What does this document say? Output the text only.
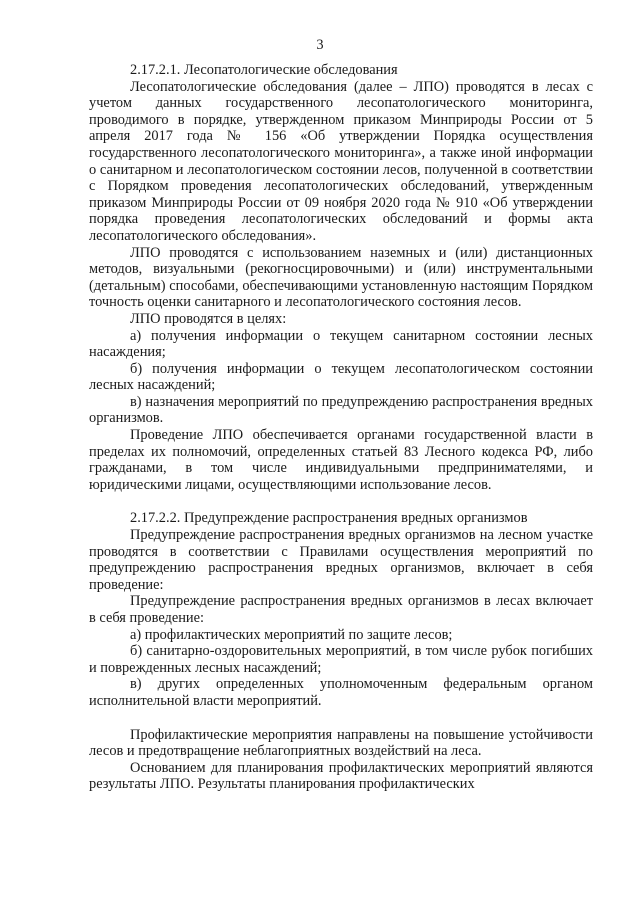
3

2.17.2.1. Лесопатологические обследования

Лесопатологические обследования (далее – ЛПО) проводятся в лесах с учетом данных государственного лесопатологического мониторинга, проводимого в порядке, утвержденном приказом Минприроды России от 5 апреля 2017 года № 156 «Об утверждении Порядка осуществления государственного лесопатологического мониторинга», а также иной информации о санитарном и лесопатологическом состоянии лесов, полученной в соответствии с Порядком проведения лесопатологических обследований, утвержденным приказом Минприроды России от 09 ноября 2020 года № 910 «Об утверждении порядка проведения лесопатологических обследований и формы акта лесопатологического обследования».

ЛПО проводятся с использованием наземных и (или) дистанционных методов, визуальными (рекогносцировочными) и (или) инструментальными (детальным) способами, обеспечивающими установленную настоящим Порядком точность оценки санитарного и лесопатологического состояния лесов.

ЛПО проводятся в целях:

а) получения информации о текущем санитарном состоянии лесных насаждения;

б) получения информации о текущем лесопатологическом состоянии лесных насаждений;

в) назначения мероприятий по предупреждению распространения вредных организмов.

Проведение ЛПО обеспечивается органами государственной власти в пределах их полномочий, определенных статьей 83 Лесного кодекса РФ, либо гражданами, в том числе индивидуальными предпринимателями, и юридическими лицами, осуществляющими использование лесов.

2.17.2.2. Предупреждение распространения вредных организмов

Предупреждение распространения вредных организмов на лесном участке проводятся в соответствии с Правилами осуществления мероприятий по предупреждению распространения вредных организмов, включает в себя проведение:

Предупреждение распространения вредных организмов в лесах включает в себя проведение:

а) профилактических мероприятий по защите лесов;

б) санитарно-оздоровительных мероприятий, в том числе рубок погибших и поврежденных лесных насаждений;

в) других определенных уполномоченным федеральным органом исполнительной власти мероприятий.

Профилактические мероприятия направлены на повышение устойчивости лесов и предотвращение неблагоприятных воздействий на леса.

Основанием для планирования профилактических мероприятий являются результаты ЛПО. Результаты планирования профилактических
